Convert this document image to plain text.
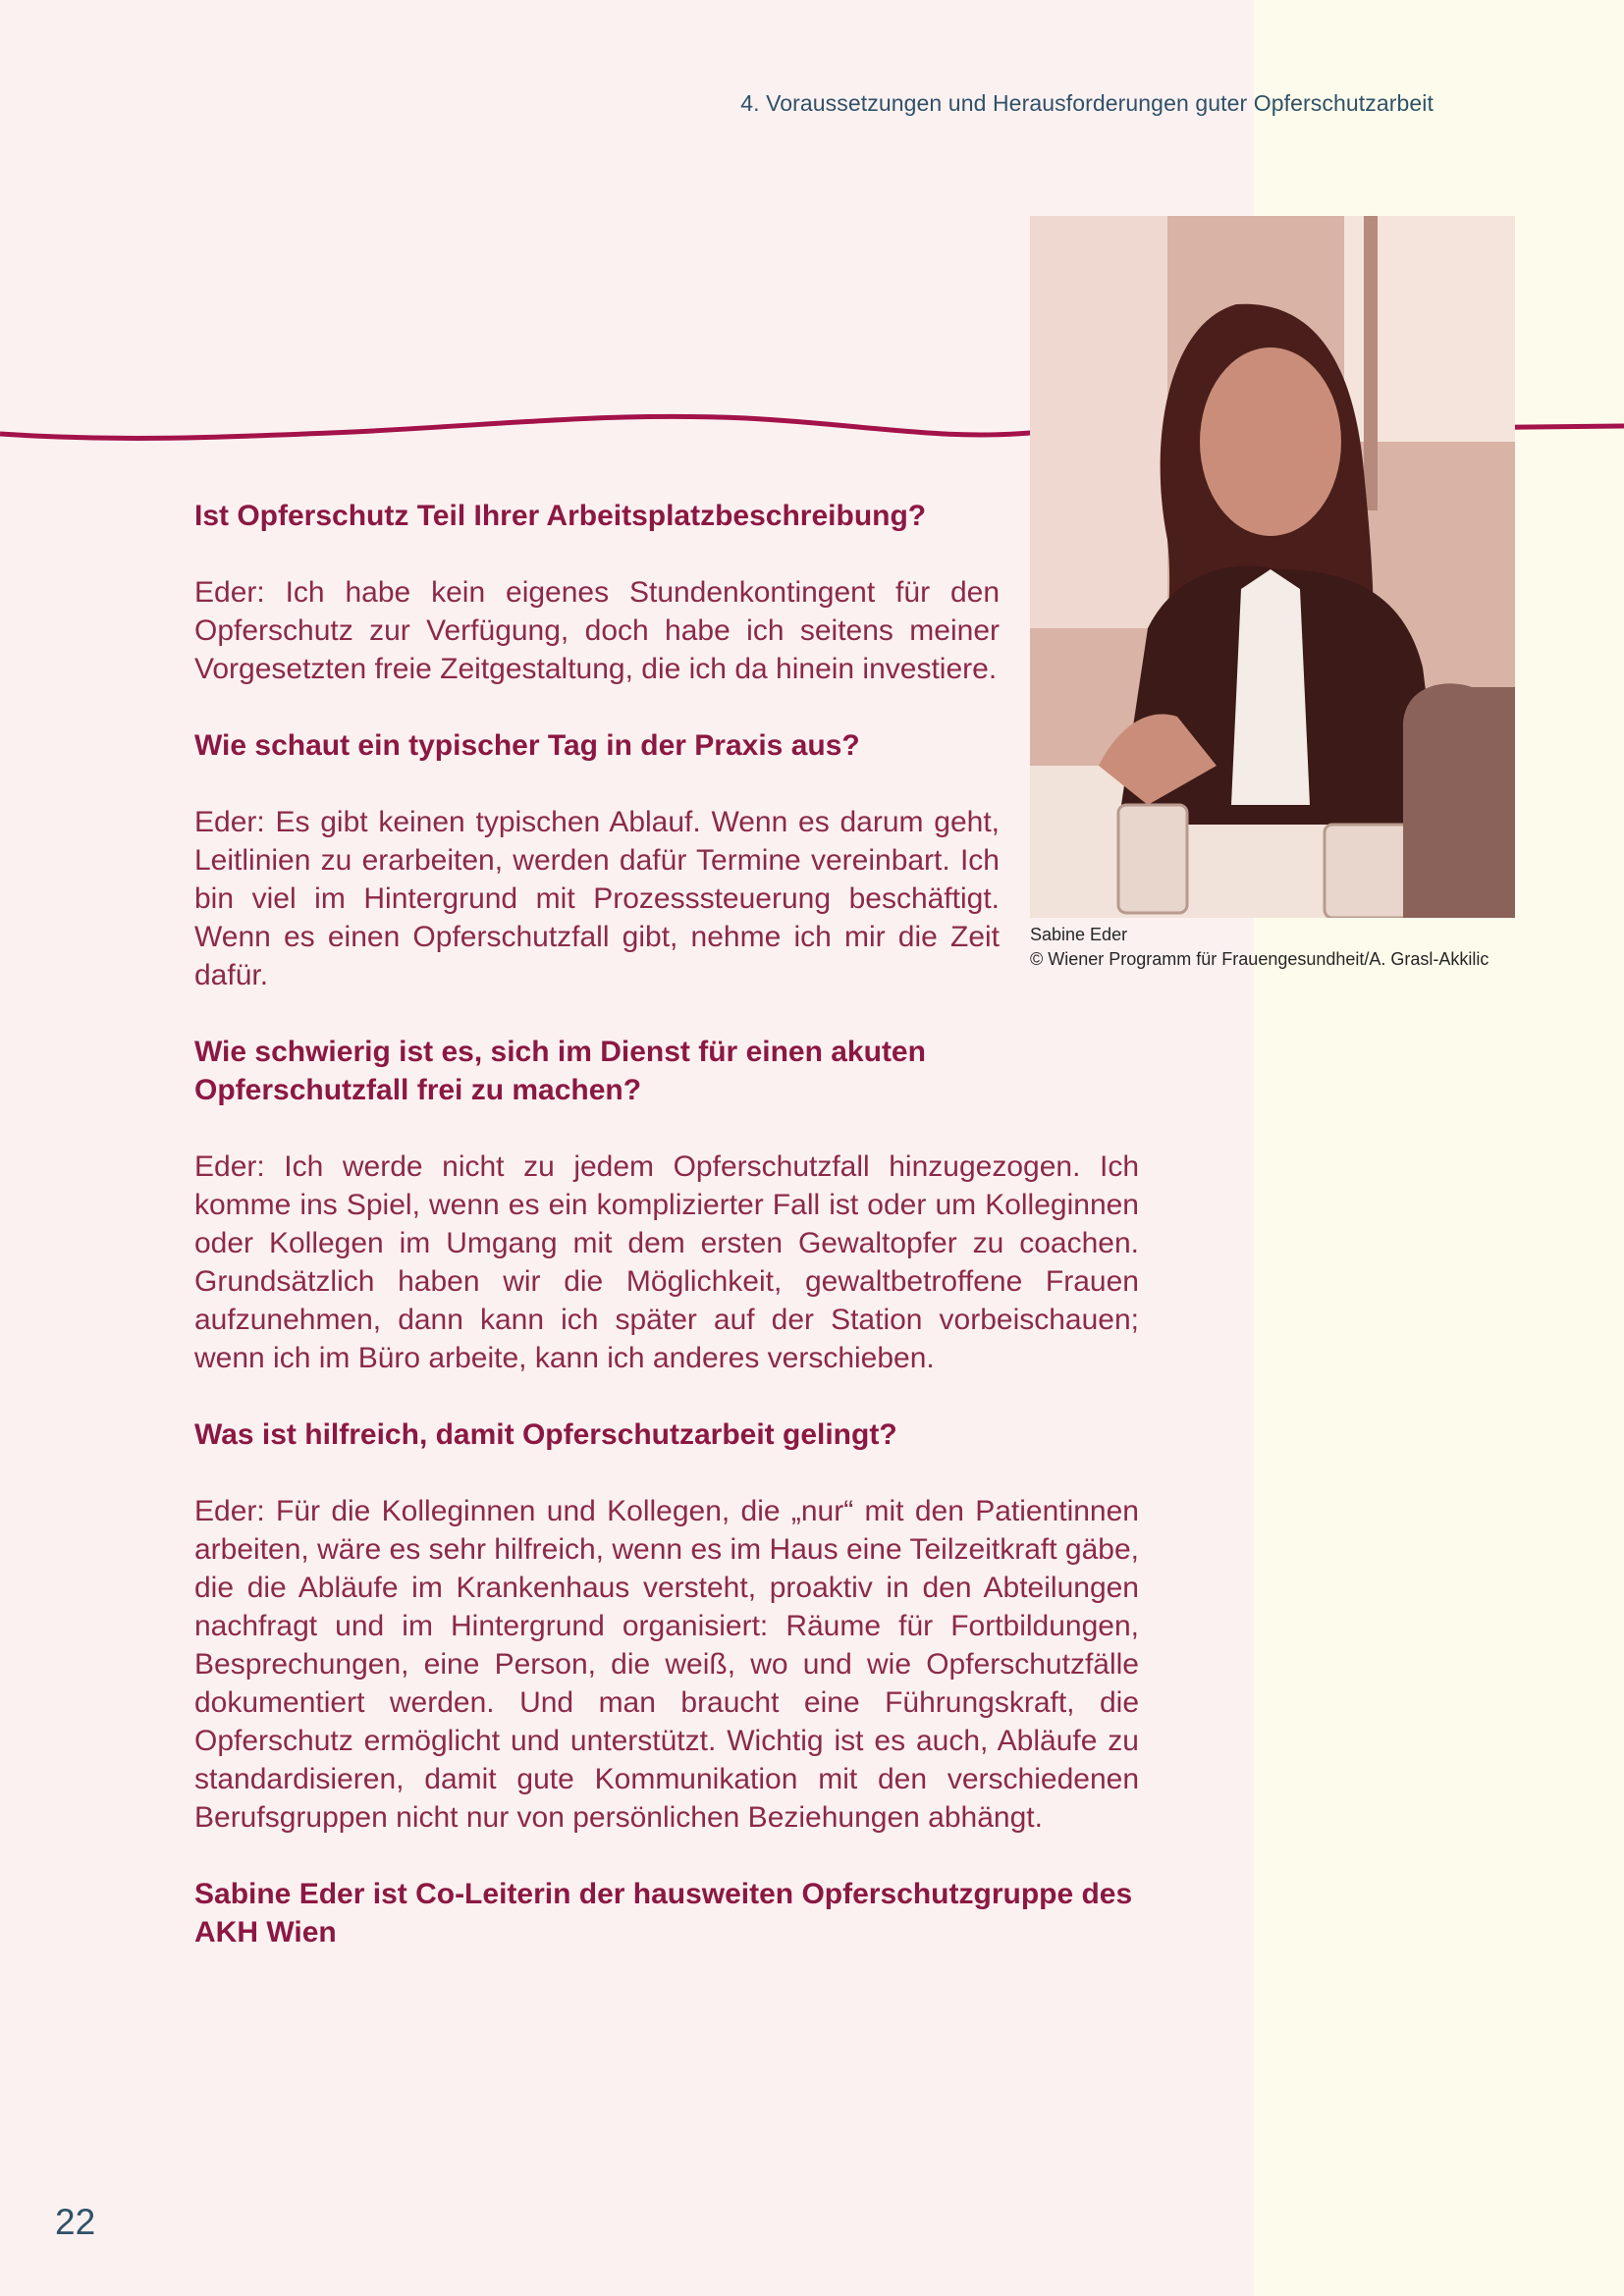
4. Voraussetzungen und Herausforderungen guter Opferschutzarbeit
Sabine Eder
© Wiener Programm für Frauengesundheit/A. Grasl-Akkilic

Ist Opferschutz Teil Ihrer Arbeitsplatzbeschreibung?

Eder: Ich habe kein eigenes Stundenkontingent für den Opferschutz zur Verfügung, doch habe ich seitens meiner Vorgesetzten freie Zeitgestaltung, die ich da hinein investiere.

Wie schaut ein typischer Tag in der Praxis aus?

Eder: Es gibt keinen typischen Ablauf. Wenn es darum geht, Leitlinien zu erarbeiten, werden dafür Termine vereinbart. Ich bin viel im Hintergrund mit Prozesssteuerung beschäftigt. Wenn es einen Opferschutzfall gibt, nehme ich mir die Zeit dafür.

Wie schwierig ist es, sich im Dienst für einen akuten Opferschutzfall frei zu machen?

Eder: Ich werde nicht zu jedem Opferschutzfall hinzugezogen. Ich komme ins Spiel, wenn es ein komplizierter Fall ist oder um Kolleginnen oder Kollegen im Umgang mit dem ersten Gewaltopfer zu coachen. Grundsätzlich haben wir die Möglichkeit, gewaltbetroffene Frauen aufzunehmen, dann kann ich später auf der Station vorbeischauen; wenn ich im Büro arbeite, kann ich anderes verschieben.

Was ist hilfreich, damit Opferschutzarbeit gelingt?

Eder: Für die Kolleginnen und Kollegen, die „nur“ mit den Patientinnen arbeiten, wäre es sehr hilfreich, wenn es im Haus eine Teilzeitkraft gäbe, die die Abläufe im Krankenhaus versteht, proaktiv in den Abteilungen nachfragt und im Hintergrund organisiert: Räume für Fortbildungen, Besprechungen, eine Person, die weiß, wo und wie Opferschutzfälle dokumentiert werden. Und man braucht eine Führungskraft, die Opferschutz ermöglicht und unterstützt. Wichtig ist es auch, Abläufe zu standardisieren, damit gute Kommunikation mit den verschiedenen Berufsgruppen nicht nur von persönlichen Beziehungen abhängt.

Sabine Eder ist Co-Leiterin der hausweiten Opferschutzgruppe des AKH Wien

22
